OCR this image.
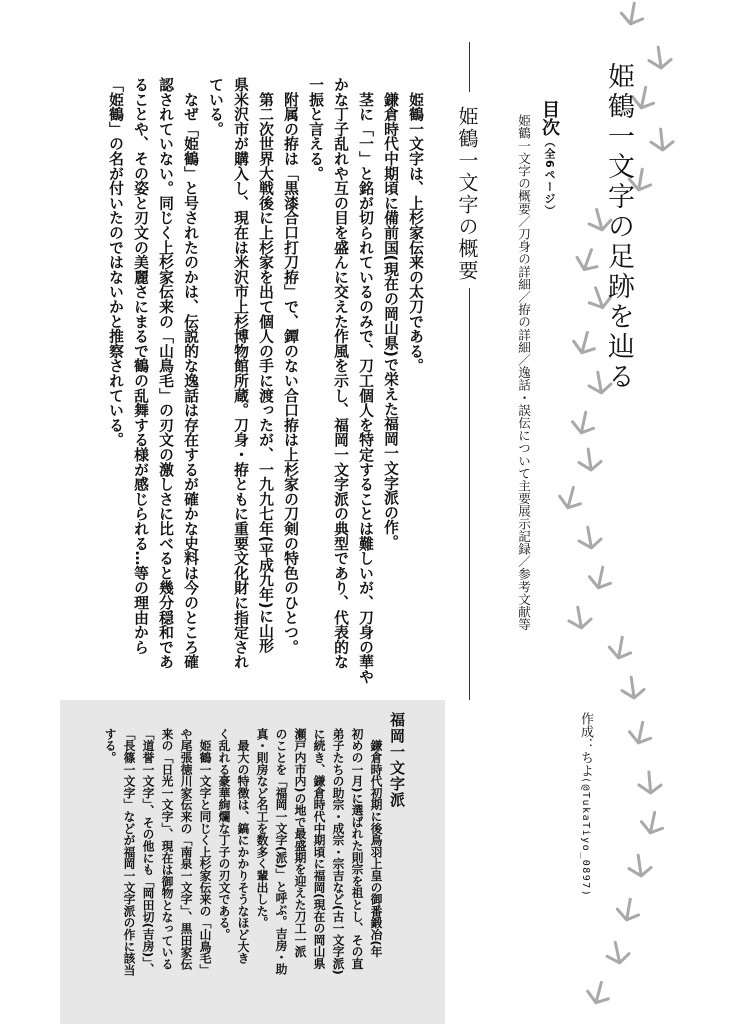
姫鶴一文字の足跡を辿る
目次（全6ページ）
姫鶴一文字の概要／刀身の詳細／拵の詳細／逸話・誤伝について主要展示記録／参考文献等
姫鶴一文字の概要
　姫鶴一文字は、上杉家伝来の太刀である。
　鎌倉時代中期頃に備前国(現在の岡山県)で栄えた福岡一文字派の作。
　茎に「一」と銘が切られているのみで、刀工個人を特定することは難しいが、刀身の華や
かな丁子乱れや互の目を盛んに交えた作風を示し、福岡一文字派の典型であり、代表的な
一振と言える。
　附属の拵は「黒漆合口打刀拵」で、鐔のない合口拵は上杉家の刀剣の特色のひとつ。
　第二次世界大戦後に上杉家を出て個人の手に渡ったが、一九九七年(平成九年)に山形
県米沢市が購入し、現在は米沢市上杉博物館所蔵。刀身・拵ともに重要文化財に指定され
ている。
　なぜ「姫鶴」と号されたのかは、伝説的な逸話は存在するが確かな史料は今のところ確
認されていない。同じく上杉家伝来の「山鳥毛」の刃文の激しさに比べると幾分穏和であ
ることや、その姿と刃文の美麗さにまるで鶴の乱舞する様が感じられる…等の理由から
「姫鶴」の名が付いたのではないかと推察されている。
福岡一文字派
　鎌倉時代初期に後鳥羽上皇の御番鍛冶(年
初めの一月)に選ばれた則宗を祖とし、その直
弟子たちの助宗・成宗・宗吉など(古一文字派)
に続き、鎌倉時代中期頃に福岡(現在の岡山県
瀬戸内市内)の地で最盛期を迎えた刀工一派
のことを「福岡一文字(派)」と呼ぶ。吉房・助
真・則房など名工を数多く輩出した。
　最大の特徴は、鎬にかかりそうなほど大き
く乱れる豪華絢爛な丁子の刃文である。
　姫鶴一文字と同じく上杉家伝来の「山鳥毛」
や尾張徳川家伝来の「南泉一文字」、黒田家伝
来の「日光一文字」、現在は御物となっている
「道誉一文字」、その他にも「岡田切(吉房)」、
「長篠一文字」などが福岡一文字派の作に該当
する。	作成：ちよ(@TukaTiyo_0897)
